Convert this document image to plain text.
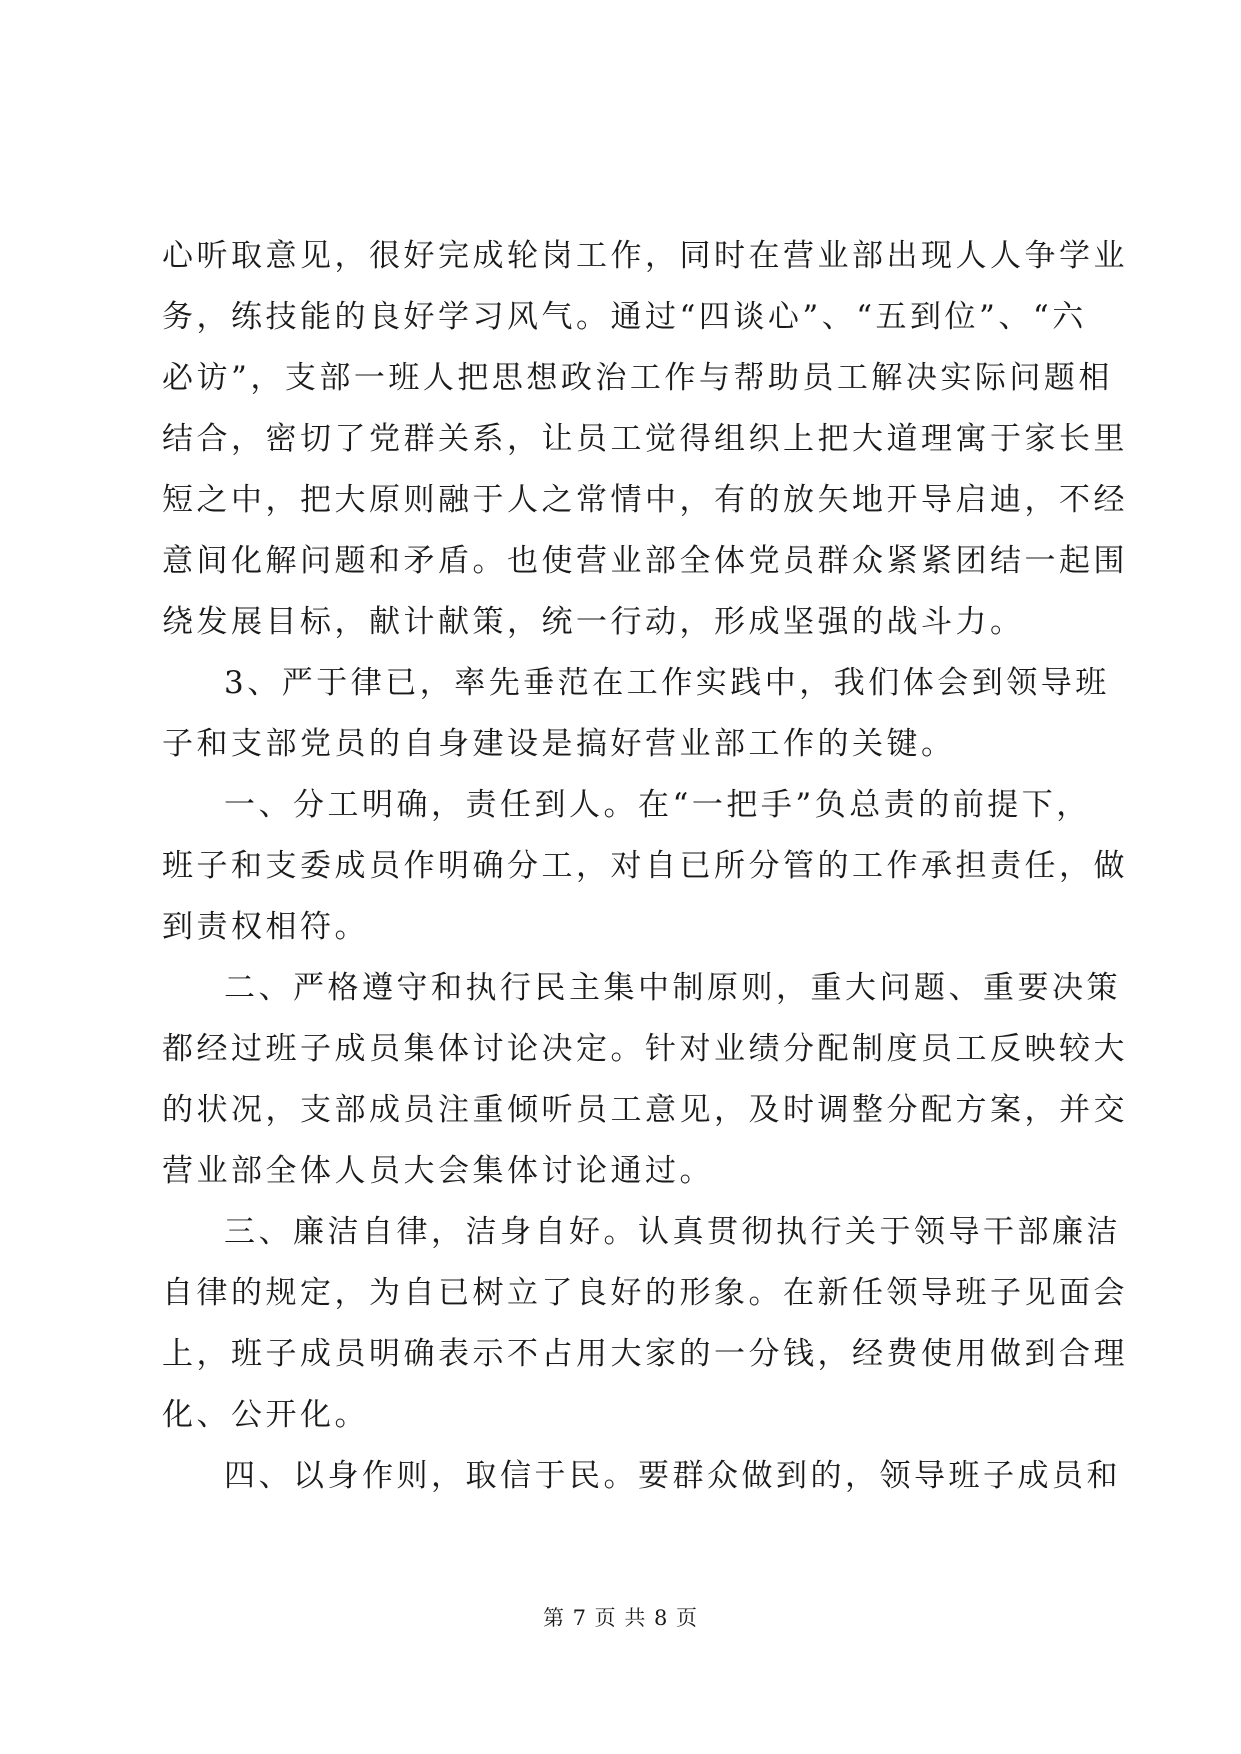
心听取意见，很好完成轮岗工作，同时在营业部出现人人争学业
务，练技能的良好学习风气。通过“四谈心”、“五到位”、“六
必访”，支部一班人把思想政治工作与帮助员工解决实际问题相
结合，密切了党群关系，让员工觉得组织上把大道理寓于家长里
短之中，把大原则融于人之常情中，有的放矢地开导启迪，不经
意间化解问题和矛盾。也使营业部全体党员群众紧紧团结一起围
绕发展目标，献计献策，统一行动，形成坚强的战斗力。
3、严于律已，率先垂范在工作实践中，我们体会到领导班
子和支部党员的自身建设是搞好营业部工作的关键。
一、分工明确，责任到人。在“一把手”负总责的前提下，
班子和支委成员作明确分工，对自已所分管的工作承担责任，做
到责权相符。
二、严格遵守和执行民主集中制原则，重大问题、重要决策
都经过班子成员集体讨论决定。针对业绩分配制度员工反映较大
的状况，支部成员注重倾听员工意见，及时调整分配方案，并交
营业部全体人员大会集体讨论通过。
三、廉洁自律，洁身自好。认真贯彻执行关于领导干部廉洁
自律的规定，为自已树立了良好的形象。在新任领导班子见面会
上，班子成员明确表示不占用大家的一分钱，经费使用做到合理
化、公开化。
四、以身作则，取信于民。要群众做到的，领导班子成员和
第 7 页 共 8 页
